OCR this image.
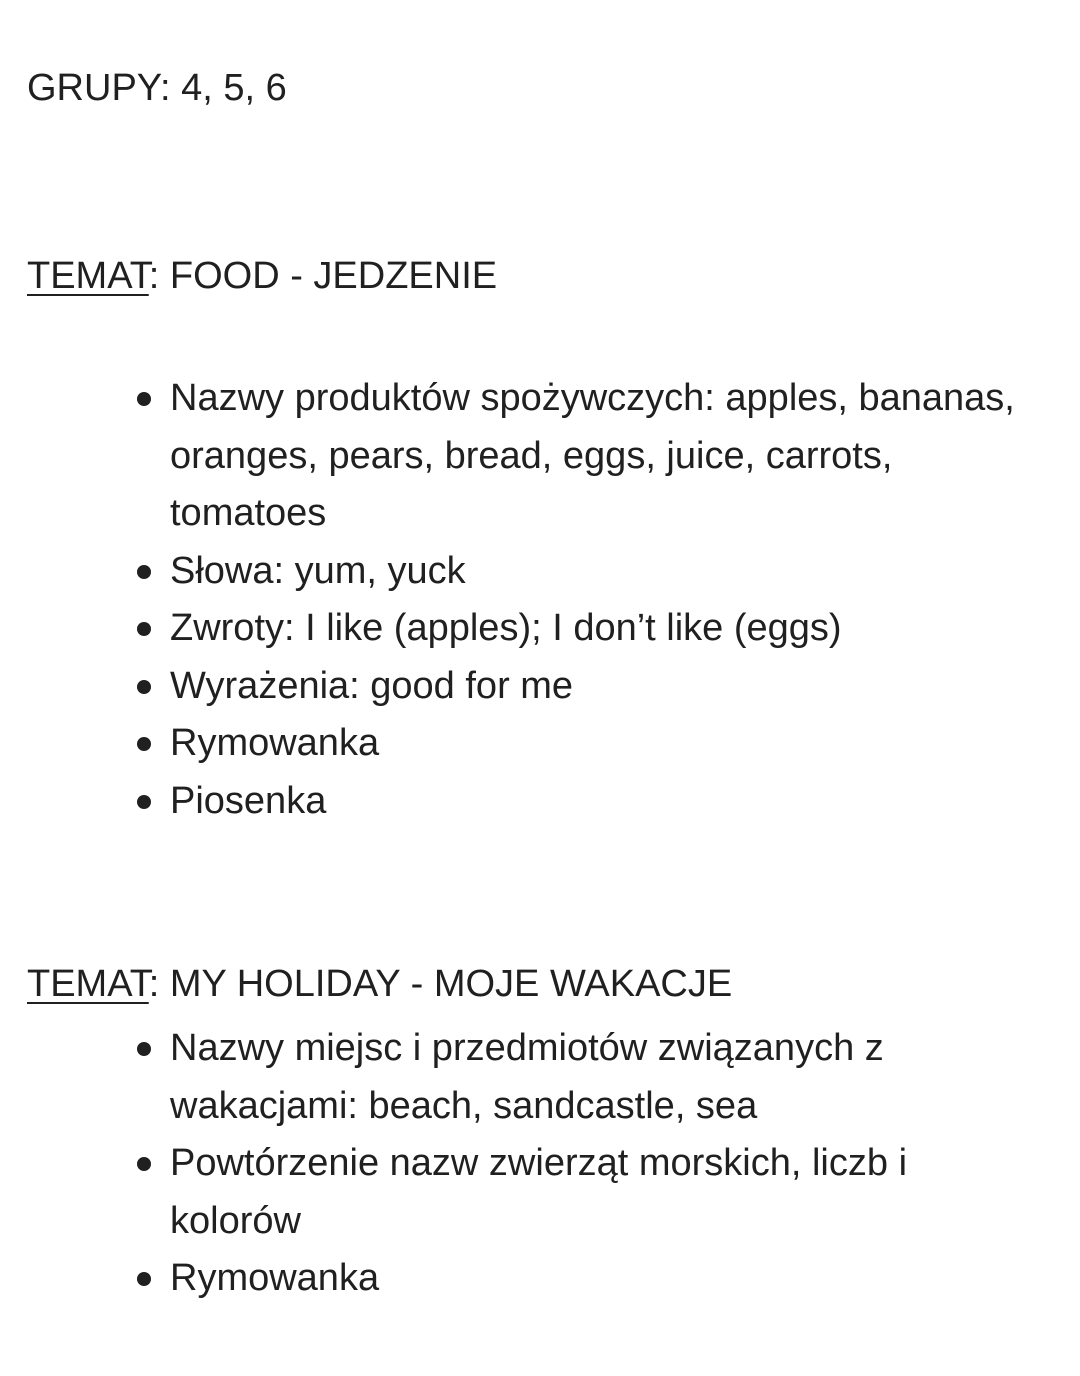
GRUPY: 4, 5, 6
TEMAT: FOOD - JEDZENIE
Nazwy produktów spożywczych: apples, bananas, oranges, pears, bread, eggs, juice, carrots, tomatoes
Słowa: yum, yuck
Zwroty: I like (apples); I don’t like (eggs)
Wyrażenia: good for me
Rymowanka
Piosenka
TEMAT: MY HOLIDAY - MOJE WAKACJE
Nazwy miejsc i przedmiotów związanych z wakacjami: beach, sandcastle, sea
Powtórzenie nazw zwierząt morskich, liczb i kolorów
Rymowanka
